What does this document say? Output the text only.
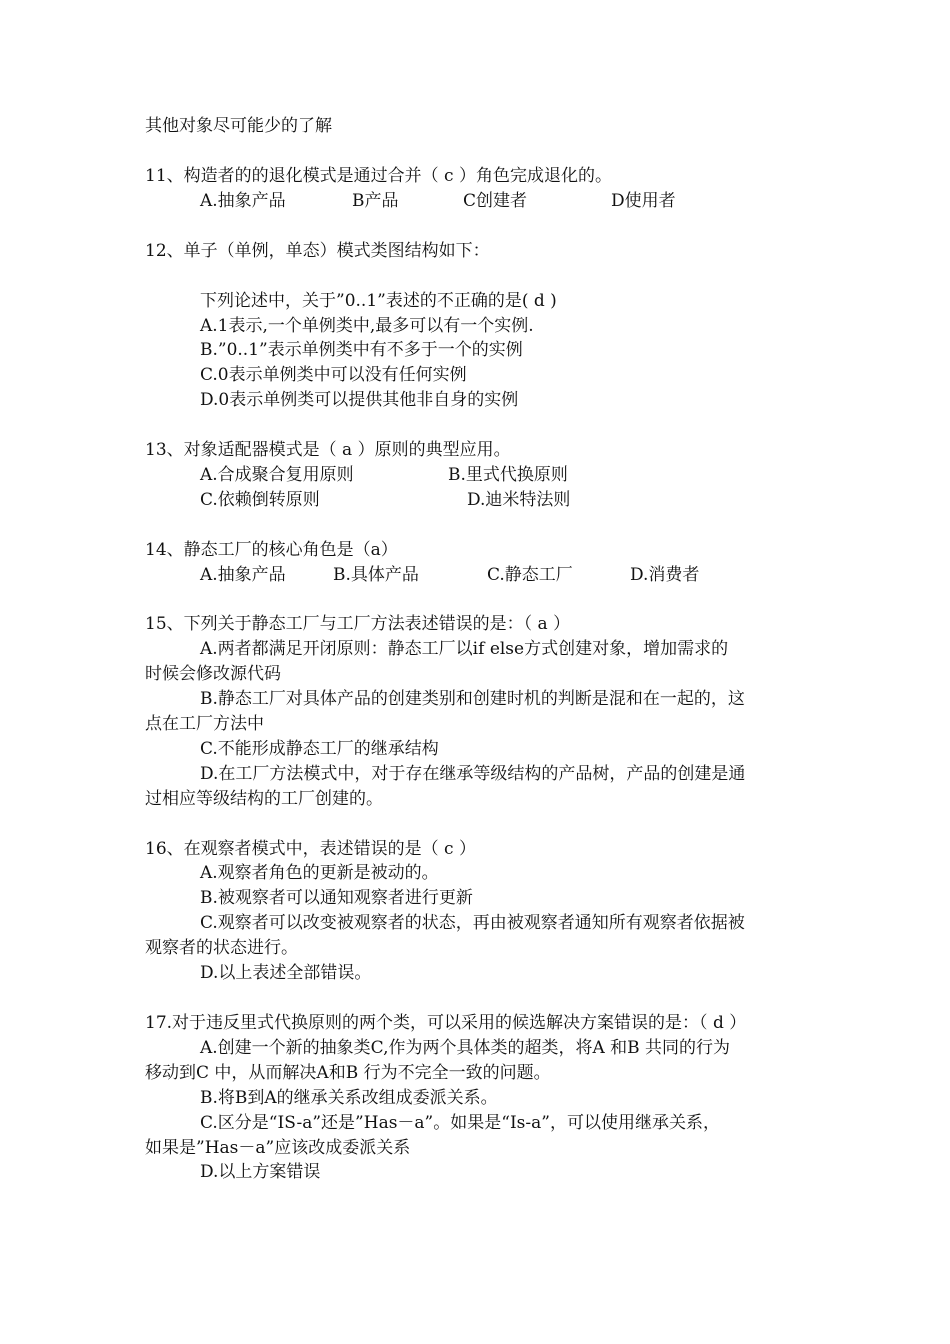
其他对象尽可能少的了解
11、构造者的的退化模式是通过合并（ c ）角色完成退化的。
A.抽象产品	B产品	C创建者	D使用者
12、单子（单例，单态）模式类图结构如下：
下列论述中，关于”0..1”表述的不正确的是( d )
A.1表示,一个单例类中,最多可以有一个实例.
B.”0..1”表示单例类中有不多于一个的实例
C.0表示单例类中可以没有任何实例
D.0表示单例类可以提供其他非自身的实例
13、对象适配器模式是（ a ）原则的典型应用。
A.合成聚合复用原则	B.里式代换原则
C.依赖倒转原则	D.迪米特法则
14、静态工厂的核心角色是（a）
A.抽象产品	B.具体产品	C.静态工厂	D.消费者
15、下列关于静态工厂与工厂方法表述错误的是：（ a ）
A.两者都满足开闭原则：静态工厂以if else方式创建对象，增加需求的
时候会修改源代码
B.静态工厂对具体产品的创建类别和创建时机的判断是混和在一起的，这
点在工厂方法中
C.不能形成静态工厂的继承结构
D.在工厂方法模式中，对于存在继承等级结构的产品树，产品的创建是通
过相应等级结构的工厂创建的。
16、在观察者模式中，表述错误的是（ c ）
A.观察者角色的更新是被动的。
B.被观察者可以通知观察者进行更新
C.观察者可以改变被观察者的状态，再由被观察者通知所有观察者依据被
观察者的状态进行。
D.以上表述全部错误。
17.对于违反里式代换原则的两个类，可以采用的候选解决方案错误的是：（ d ）
A.创建一个新的抽象类C,作为两个具体类的超类，将A 和B 共同的行为
移动到C 中，从而解决A和B 行为不完全一致的问题。
B.将B到A的继承关系改组成委派关系。
C.区分是“IS-a”还是”Has－a”。如果是“Is-a”，可以使用继承关系，
如果是”Has－a”应该改成委派关系
D.以上方案错误
